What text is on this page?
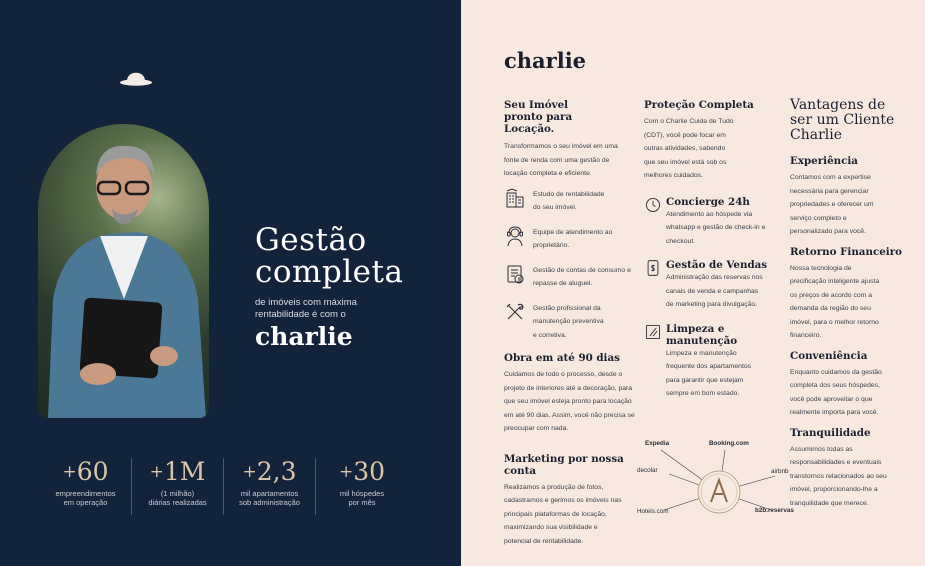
Gestão
completa
de imóveis com máxima rentabilidade é com o
charlie
+60
empreendimentos
em operação
+1M
(1 milhão)
diárias realizadas
+2,3
mil apartamentos
sob administração
+30
mil hóspedes
por mês
charlie
Seu Imóvel pronto para Locação.
Transformamos o seu imóvel em uma fonte de renda com uma gestão de locação completa e eficiente.
Estudo de rentabilidade do seu imóvel.
Equipe de atendimento ao proprietário.
Gestão de contas de consumo e repasse de aluguel.
Gestão profissional da manutenção preventiva e corretiva.
Obra em até 90 dias
Cuidamos de todo o processo, desde o projeto de interiores até a decoração, para que seu imóvel esteja pronto para locação em até 90 dias. Assim, você não precisa se preocupar com nada.
Marketing por nossa conta
Realizamos a produção de fotos, cadastramos e gerimos os imóveis nas principais plataformas de locação, maximizando sua visibilidade e potencial de rentabilidade.
Expedia	Booking.com
decolar	airbnb
Hotels.com	b2b.reservas
Proteção Completa
Com o Charlie Cuida de Tudo (CDT), você pode focar em outras atividades, sabendo que seu imóvel está sob os melhores cuidados.
Concierge 24h
Atendimento ao hóspede via whatsapp e gestão de check-in e checkout.
Gestão de Vendas
Administração das reservas nos canais de venda e campanhas de marketing para divulgação.
Limpeza e manutenção
Limpeza e manutenção frequente dos apartamentos para garantir que estejam sempre em bom estado.
Vantagens de ser um Cliente Charlie
Experiência
Contamos com a expertise necessária para gerenciar propriedades e oferecer um serviço completo e personalizado para você.
Retorno Financeiro
Nossa tecnologia de precificação inteligente ajusta os preços de acordo com a demanda da região do seu imóvel, para o melhor retorno financeiro.
Conveniência
Enquanto cuidamos da gestão completa dos seus hóspedes, você pode aproveitar o que realmente importa para você.
Tranquilidade
Assumimos todas as responsabilidades e eventuais transtornos relacionados ao seu imóvel, proporcionando-lhe a tranquilidade que merece.
